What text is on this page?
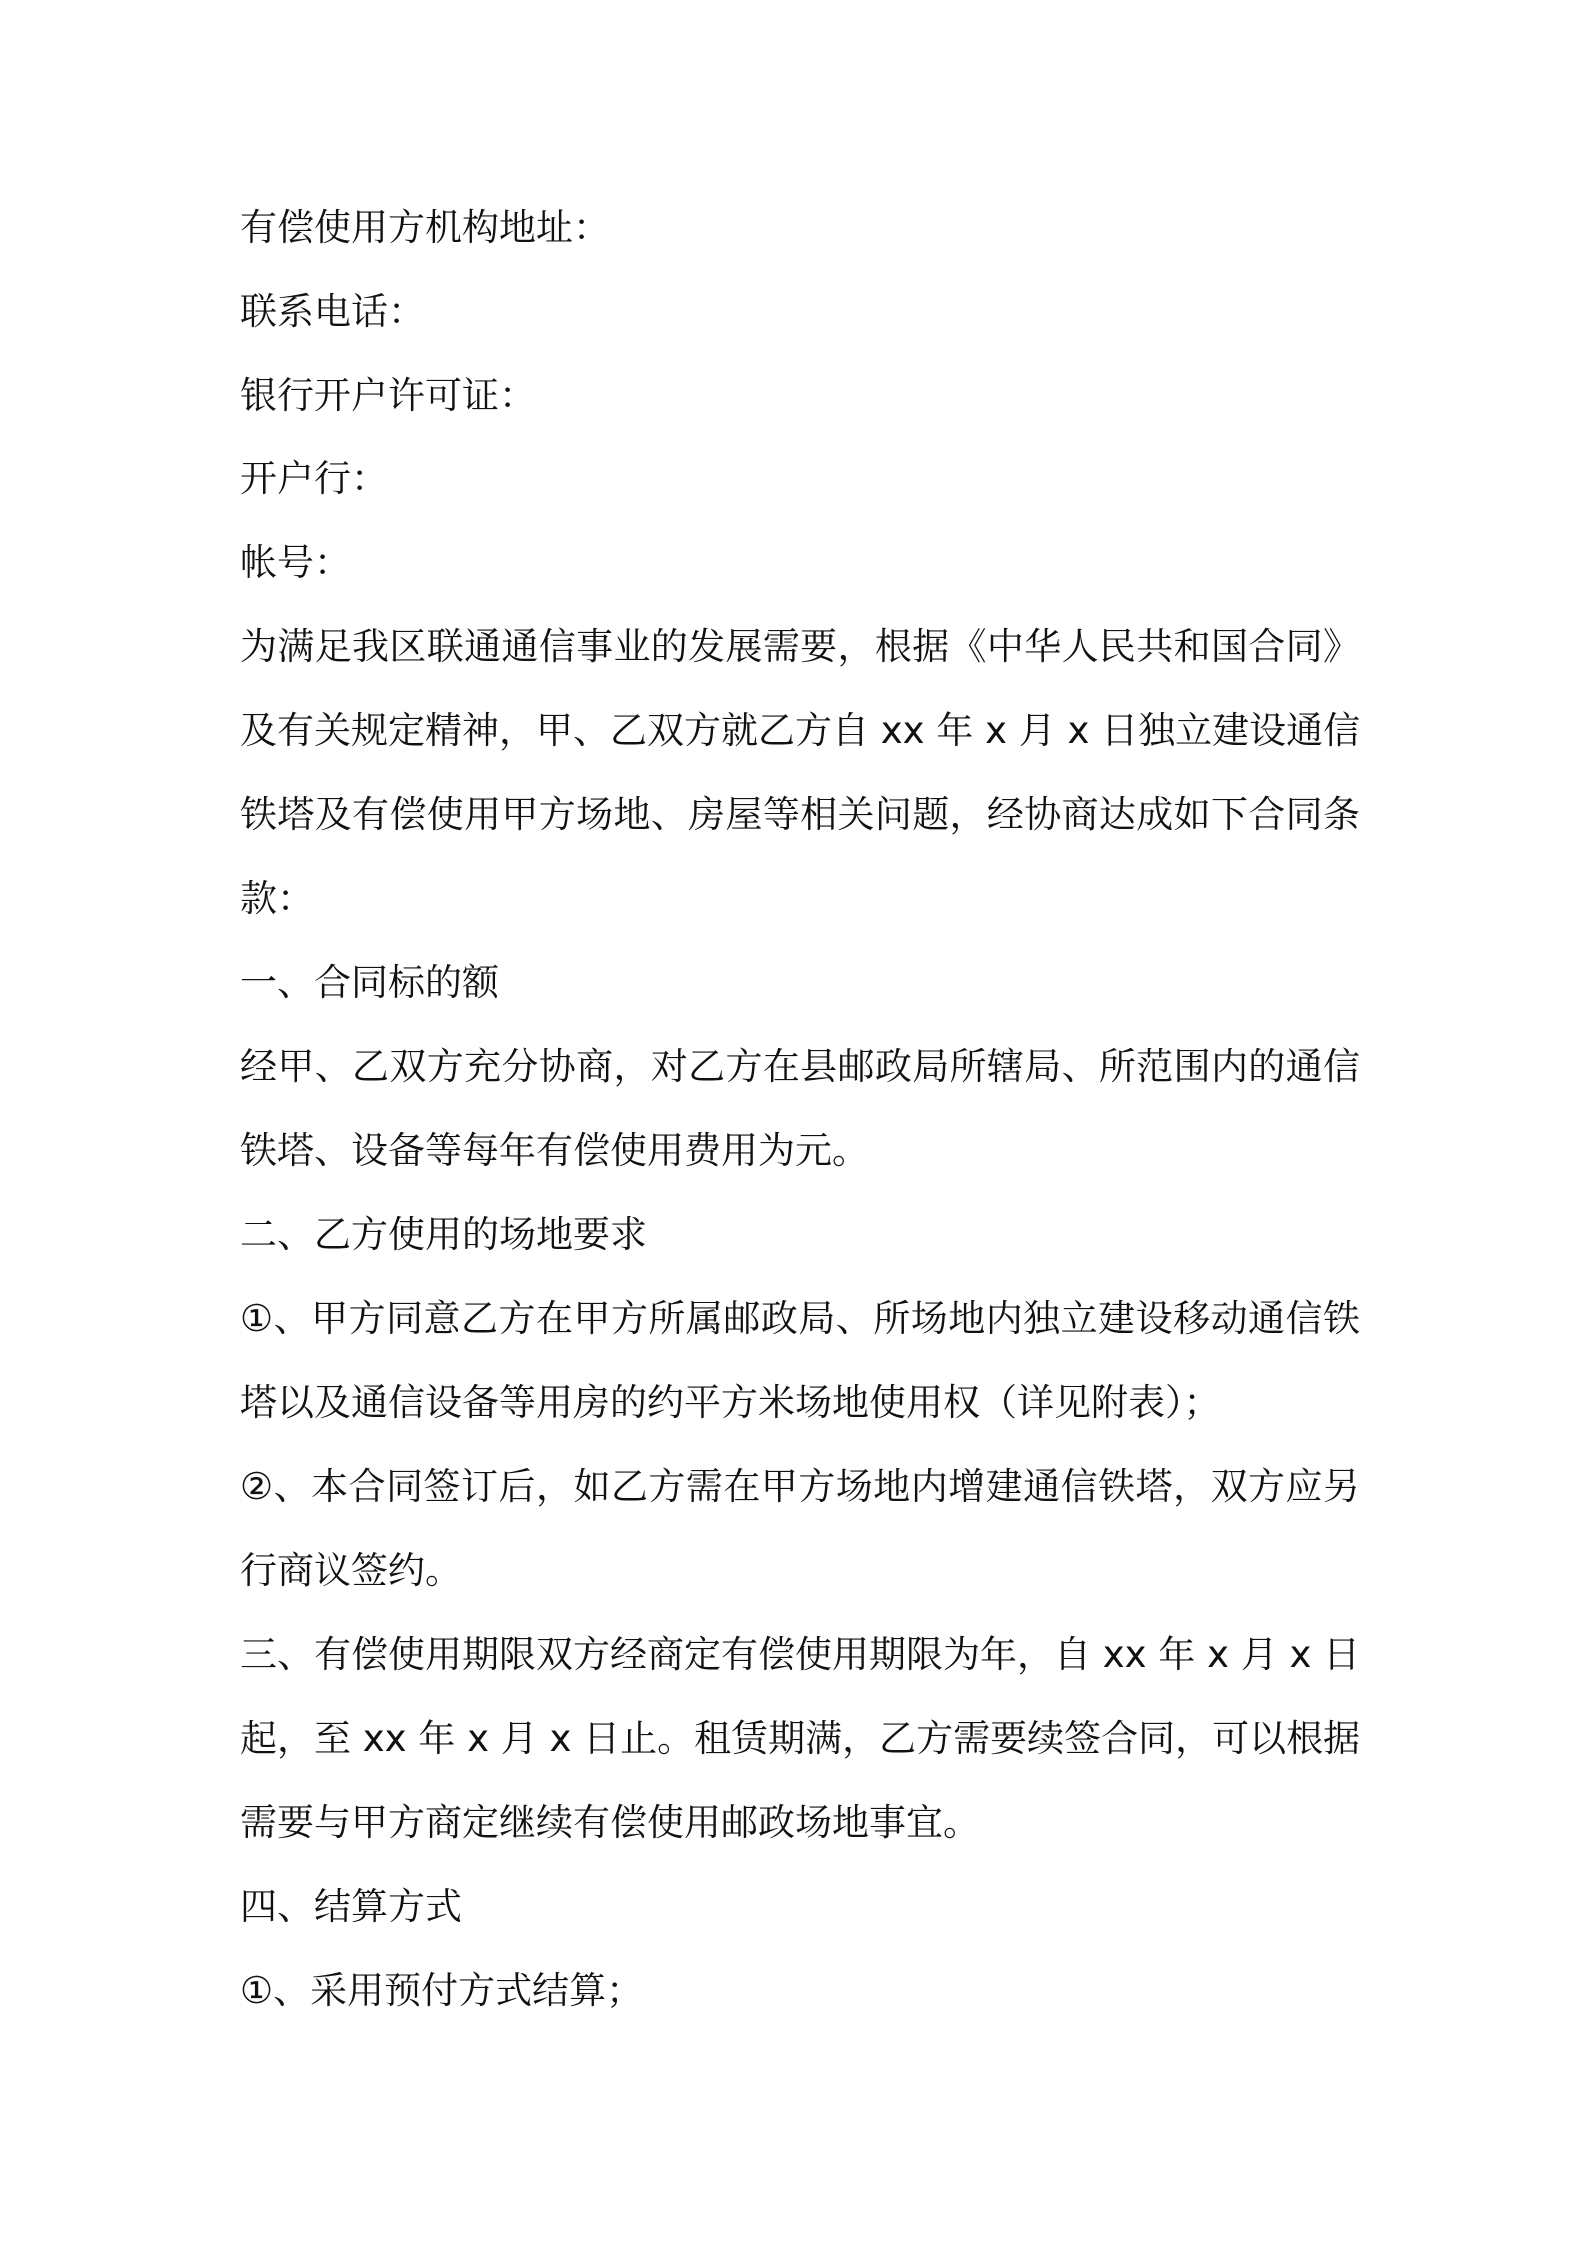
有偿使用方机构地址：
联系电话：
银行开户许可证：
开户行：
帐号：
为满足我区联通通信事业的发展需要，根据《中华人民共和国合同》
及有关规定精神，甲、乙双方就乙方自 xx 年 x 月 x 日独立建设通信
铁塔及有偿使用甲方场地、房屋等相关问题，经协商达成如下合同条
款：
一、合同标的额
经甲、乙双方充分协商，对乙方在县邮政局所辖局、所范围内的通信
铁塔、设备等每年有偿使用费用为元。
二、乙方使用的场地要求
①、甲方同意乙方在甲方所属邮政局、所场地内独立建设移动通信铁
塔以及通信设备等用房的约平方米场地使用权（详见附表）；
②、本合同签订后，如乙方需在甲方场地内增建通信铁塔，双方应另
行商议签约。
三、有偿使用期限双方经商定有偿使用期限为年，自 xx 年 x 月 x 日
起，至 xx 年 x 月 x 日止。租赁期满，乙方需要续签合同，可以根据
需要与甲方商定继续有偿使用邮政场地事宜。
四、结算方式
①、采用预付方式结算；
